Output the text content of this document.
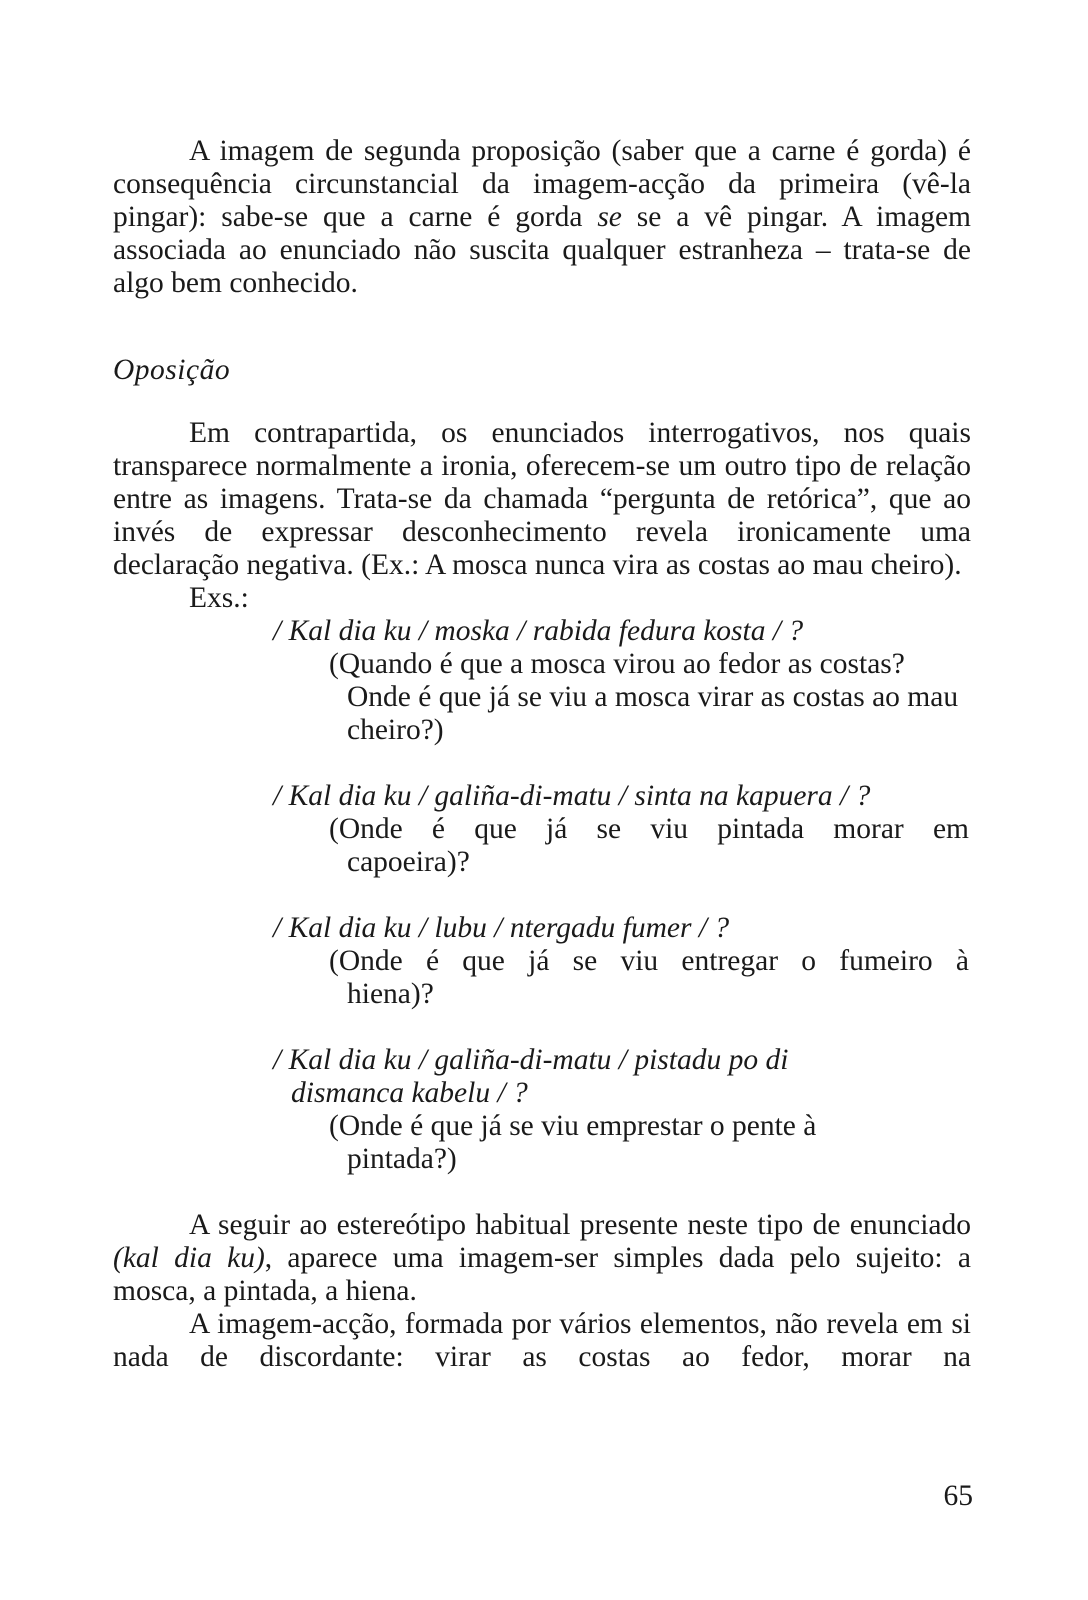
A imagem de segunda proposição (saber que a carne é gorda) é consequência circunstancial da imagem-acção da primeira (vê-la pingar): sabe-se que a carne é gorda se se a vê pingar. A imagem associada ao enunciado não suscita qualquer estranheza – trata-se de algo bem conhecido.

Oposição

Em contrapartida, os enunciados interrogativos, nos quais transparece normalmente a ironia, oferecem-se um outro tipo de relação entre as imagens. Trata-se da chamada “pergunta de retórica”, que ao invés de expressar desconhecimento revela ironicamente uma declaração negativa. (Ex.: A mosca nunca vira as costas ao mau cheiro).

Exs.:

/ Kal dia ku / moska / rabida fedura kosta / ?

(Quando é que a mosca virou ao fedor as costas?

Onde é que já se viu a mosca virar as costas ao mau cheiro?)

/ Kal dia ku / galiña-di-matu / sinta na kapuera / ?

(Onde é que já se viu pintada morar em

capoeira)?

/ Kal dia ku / lubu / ntergadu fumer / ?

(Onde é que já se viu entregar o fumeiro à

hiena)?

/ Kal dia ku / galiña-di-matu / pistadu po di

dismanca kabelu / ?

(Onde é que já se viu emprestar o pente à

pintada?)

A seguir ao estereótipo habitual presente neste tipo de enunciado (kal dia ku), aparece uma imagem-ser simples dada pelo sujeito: a mosca, a pintada, a hiena.

A imagem-acção, formada por vários elementos, não revela em si nada de discordante: virar as costas ao fedor, morar na

65
